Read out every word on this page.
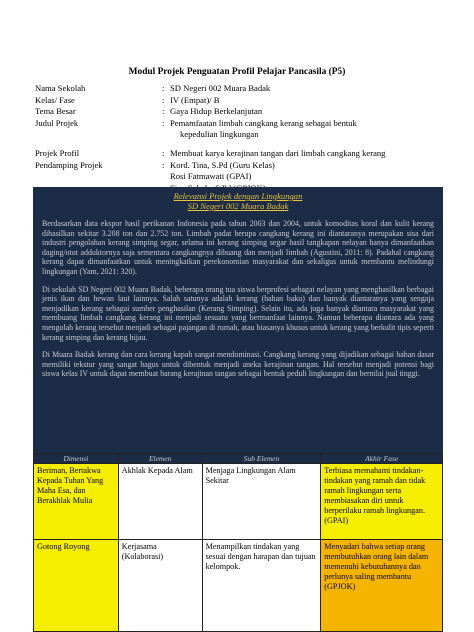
Modul Projek Penguatan Profil Pelajar Pancasila (P5)
Nama Sekolah	: SD Negeri 002 Muara Badak
Kelas/ Fase	: IV (Empat)/ B
Tema Besar	: Gaya Hidup Berkelanjutan
Judul Projek	: Pemamfaatan limbah cangkang kerang sebagai bentuk
kepedulian lingkungan
Projek Profil	: Membuat karya kerajinan tangan dari limbah cangkang kerang
Pendamping Projek	: Kord. Tina, S.Pd (Guru Kelas)
Rosi Fatmawati (GPAI)

Relevansi Projek dengan Lingkungan
SD Negeri 002 Muara Badak

Berdasarkan data ekspor hasil perikanan Indonesia pada tahun 2003 dan 2004, untuk komoditas koral dan kulit kerang dihasilkan sekitar 3.208 ton dan 2.752 ton. Limbah padat berupa cangkang kerang ini diantaranya merupakan sisa dari industri pengolahan kerang simping segar, selama ini kerang simping segar hasil tangkapan nelayan hanya dimanfaatkan daging/otot adduktornya saja sementara cangkangnya dibuang dan menjadi limbah (Agustini, 2011: 8). Padahal cangkang kerang dapat dimanfaatkan untuk meningkatkan perekonomian masyarakat dan sekaligus untuk membantu melindungi lingkungan (Yam, 2021: 320).

Di sekolah SD Negeri 002 Muara Badak, beberapa orang tua siswa berprofesi sebagai nelayan yang menghasilkan berbagai jenis ikan dan hewan laut lainnya. Salah satunya adalah kerang (bahan baku) dan banyak diantaranya yang sengaja menjadikan kerang sebagai sumber penghasilan (Kerang Simping). Selain itu, ada juga banyak diantara masyarakat yang membuang limbah cangkang kerang ini menjadi sesuatu yang bermanfaat lainnya. Namun beberapa diantara ada yang mengolah kerang tersebut menjadi sebagai pajangan di rumah, atau biasanya khusus untuk kerang yang berkulit tipis seperti kerang simping dan kerang hijau.

Di Muara Badak kerang dan cara kerang kapah sangat mendominasi. Cangkang kerang yang dijadikan sebagai bahan dasar memiliki tekstur yang sangat bagus untuk dibentuk menjadi aneka kerajinan tangan. Hal tersebut menjadi potensi bagi siswa kelas IV untuk dapat membuat barang kerajinan tangan sebagai bentuk peduli lingkungan dan bernilai jual tinggi.

Dimensi	Elemen	Sub Elemen	Akhir Fase
Beriman, Bertakwa Kepada Tuhan Yang Maha Esa, dan Berakhlak Mulia	Akhlak Kepada Alam	Menjaga Lingkungan Alam Sekitar	Terbiasa memahami tindakan-tindakan yang ramah dan tidak ramah lingkungan serta membiasakan diri untuk berperilaku ramah lingkungan. (GPAI)
Gotong Royong	Kerjasama (Kolaborasi)	Menampilkan tindakan yang sesuai dengan harapan dan tujuan kelompok.	Menyadari bahwa setiap orang membutuhkan orang lain dalam memenuhi kebutuhannya dan perlunya saling membantu (GPJOK)
